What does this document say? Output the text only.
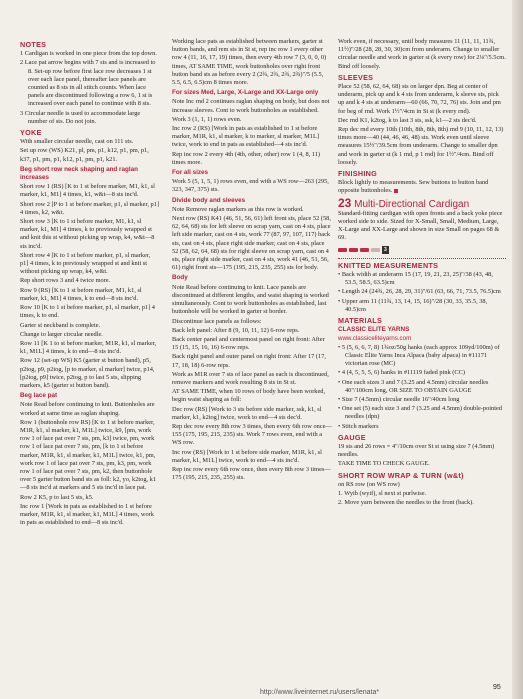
NOTES
1 Cardigan is worked in one piece from the top down.
2 Lace pat arrow begins with 7 sts and is increased to 8. Set-up row before first lace row decreases 1 st over each lace panel, thereafter lace panels are counted as 8 sts in all stitch counts. When lace panels are discontinued following a row 6, 1 st is increased over each panel to continue with 8 sts.
3 Circular needle is used to accommodate large number of sts. Do not join.
YOKE
With smaller circular needle, cast on 111 sts.
Set up row (WS) K21, pl, pm, p1, k12, p1, pm, p1, k37, p1, pm, p1, k12, p1, pm, p1, k21.
Beg short row neck shaping and raglan increases
Short row 1 (RS) [K to 1 st before marker, M1, k1, sl marker, k1, M1] 4 times, k1, w&t—8 sts inc'd.
Short row 2 [P to 1 st before marker, p1, sl marker, p1] 4 times, k2, w&t.
Short row 3 [K to 1 st before marker, M1, k1, sl marker, k1, M1] 4 times, k to previously wrapped st and knit this st without picking up wrap, k4, w&t—8 sts inc'd.
Short row 4 [K to 1 st before marker, p1, sl marker, p1] 4 times, k to previously wrapped st and knit st without picking up wrap, k4, w&t.
Rep short rows 3 and 4 twice more.
Row 9 (RS) [K to 1 st before marker, M1, k1, sl marker, k1, M1] 4 times, k to end—8 sts inc'd.
Row 10 [K to 1 st before marker, p1, sl marker, p1] 4 times, k to end.
Garter st neckband is complete.
Change to larger circular needle.
Row 11 [K 1 to st before marker, M1R, k1, sl marker, k1, M1L] 4 times, k to end—8 sts inc'd.
Row 12 (set-up WS) K5 (garter st button band), p5, p2tog, p9, p2tog, [p to marker, sl marker] twice, p14, [p2tog, p9] twice, p2tog, p to last 5 sts, slipping markers, k5 (garter st button band).
Beg lace pat
Note Read before continuing to knit. Buttonholes are worked at same time as raglan shaping.
Row 1 (buttonhole row RS) [K to 1 st before marker, M1R, k1, sl marker, k1, M1L] twice, k9, [pm, work row 1 of lace pat over 7 sts, pm, k3] twice, pm, work row 1 of lace pat over 7 sts, pm, [k to 1 st before marker, M1R, k1, sl marker, k1, M1L] twice, k1, pm, work row 1 of lace pat over 7 sts, pm, k3, pm, work row 1 of lace pat over 7 sts, pm, k2, then buttonhole over 5 garter button band sts as foll: k2, yo, k2tog, k1—8 sts inc'd at markers and 5 sts inc'd in lace pat.
Row 2 K5, p to last 5 sts, k5.
Inc row 1 [Work in pats as established to 1 st before marker, M1R, k1, sl marker, k1, M1L] 4 times, work in pats as established to end—8 sts inc'd.
Working lace pats as established between markers, garter st button bands, and rem sts in St st, rep inc row 1 every other row 4 (11, 16, 17, 19) times, then every 4th row 7 (3, 0, 0, 0) times, AT SAME TIME, work buttonholes over right front button band sts as before every 2 (2¾, 2¾, 2¾, 2¾)"/5 (5.5, 5.5, 6.5, 6.5)cm 8 times more.
For sizes Med, Large, X-Large and XX-Large only
Note Inc rnd 2 continues raglan shaping on body, but does not increase sleeves. Cont to work buttonholes as established.
Work 3 (1, 1, 1) rows even.
Inc row 2 (RS) [Work in pats as established to 1 st before marker, M1R, k1, sl marker, k to marker, sl marker, M1L] twice, work to end in pats as established—4 sts inc'd.
Rep inc row 2 every 4th (4th, other, other) row 1 (4, 8, 11) times more.
For all sizes
Work 5 (5, 1, 5, 1) rows even, end with a WS row—263 (295, 323, 347, 375) sts.
Divide body and sleeves
Note Remove raglan markers as this row is worked.
Next row (RS) K41 (46, 51, 56, 61) left front sts, place 52 (58, 62, 64, 68) sts for left sleeve on scrap yarn, cast on 4 sts, place left side marker, cast on 4 sts, work 77 (87, 97, 107, 117) back sts, cast on 4 sts, place right side marker, cast on 4 sts, place 52 (58, 62, 64, 68) sts for right sleeve on scrap yarn, cast on 4 sts, place right side marker, cast on 4 sts, work 41 (46, 51, 56, 61) right front sts—175 (195, 215, 235, 255) sts for body.
Body
Note Read before continuing to knit. Lace panels are discontinued at different lengths, and waist shaping is worked simultaneously. Cont to work buttonholes as established, last buttonhole will be worked in garter st border.
Discontinue lace panels as follows:
Back left panel: After 8 (9, 10, 11, 12) 6-row reps.
Back center panel and centermost panel on right front: After 15 (15, 15, 16, 16) 6-row reps.
Back right panel and outer panel on right front: After 17 (17, 17, 18, 18) 6-row reps.
Work as M1R over 7 sts of lace panel as each is discontinued, remove markers and work resulting 8 sts in St st.
AT SAME TIME, when 10 rows of body have been worked, begin waist shaping as foll:
Dec row (RS) [Work to 3 sts before side marker, ssk, k1, sl marker, k1, k2tog] twice, work to end—4 sts dec'd.
Rep dec row every 8th row 3 times, then every 6th row once—155 (175, 195, 215, 235) sts. Work 7 rows even, end with a WS row.
Inc row (RS) [Work to 1 st before side marker, M1R, k1, sl marker, k1, M1L] twice, work to end—4 sts inc'd.
Rep inc row every 6th row once, then every 8th row 3 times—175 (195, 215, 235, 255) sts.
Work even, if necessary, until body measures 11 (11, 11, 11¾, 11½)"/28 (28, 28, 30, 30)cm from underarm. Change to smaller circular needle and work in garter st (k every row) for 2⅛"/5.5cm. Bind off loosely.
SLEEVES
Place 52 (58, 62, 64, 68) sts on larger dpn. Beg at center of underarm, pick up and k 4 sts from underarm, k sleeve sts, pick up and k 4 sts at underarm—60 (66, 70, 72, 76) sts. Join and pm for beg of rnd. Work 1½"/4cm in St st (k every rnd).
Dec rnd K1, k2tog, k to last 3 sts, ssk, k1—2 sts dec'd.
Rep dec rnd every 10th (10th, 8th, 8th, 8th) rnd 9 (10, 11, 12, 13) times more—40 (44, 46, 46, 48) sts. Work even until sleeve measures 15½"/39.5cm from underarm. Change to smaller dpn and work in garter st (k 1 rnd, p 1 rnd) for 1½"/4cm. Bind off loosely.
FINISHING
Block lightly to measurements. Sew buttons to button band opposite buttonholes.
23 Multi-Directional Cardigan
Standard-fitting cardigan with open fronts and a back yoke piece worked side to side. Sized for X-Small, Small, Medium, Large, X-Large and XX-Large and shown in size Small on pages 68 & 69.
3
KNITTED MEASUREMENTS
• Back width at underarm 15 (17, 19, 21, 23, 25)"/38 (43, 48, 53.5, 58.5, 63.5)cm
• Length 24 (24¾, 26, 28, 29, 31)"/61 (63, 66, 71, 73.5, 76.5)cm
• Upper arm 11 (11¾, 13, 14, 15, 16)"/28 (30, 33, 35.5, 38, 40.5)cm
MATERIALS
CLASSIC ELITE YARNS
www.classiceliteyarns.com
• 5 (5, 6, 6, 7, 8) 1¾oz/50g hanks (each approx 109yd/100m) of Classic Elite Yarns Inca Alpaca (baby alpaca) in #11171 victorian rose (MC)
• 4 (4, 5, 5, 5, 6) hanks in #11119 faded pink (CC)
• One each sizes 3 and 7 (3.25 and 4.5mm) circular needles 40"/100cm long, OR SIZE TO OBTAIN GAUGE
• Size 7 (4.5mm) circular needle 16"/40cm long
• One set (5) each size 3 and 7 (3.25 and 4.5mm) double-pointed needles (dpn)
• Stitch markers
GAUGE
19 sts and 26 rows = 4"/10cm over St st using size 7 (4.5mm) needles.
TAKE TIME TO CHECK GAUGE.
SHORT ROW WRAP & TURN (w&t)
on RS row (on WS row)
1. Wyib (wyif), sl next st purlwise.
2. Move yarn between the needles to the front (back).
95
http://www.liveinternet.ru/users/lenata*
